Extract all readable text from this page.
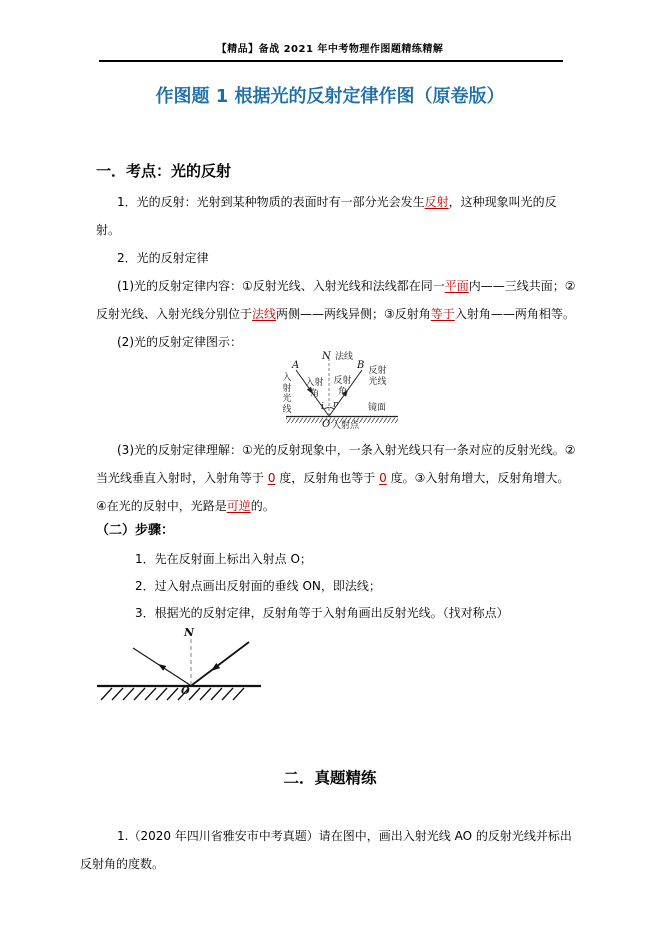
【精品】备战 2021 年中考物理作图题精练精解
作图题 1 根据光的反射定律作图（原卷版）
一．考点：光的反射

1．光的反射：光射到某种物质的表面时有一部分光会发生反射，这种现象叫光的反射。

2．光的反射定律

(1)光的反射定律内容：①反射光线、入射光线和法线都在同一平面内——三线共面；②反射光线、入射光线分别位于法线两侧——两线异侧；③反射角等于入射角——两角相等。

(2)光的反射定律图示：

N 法线
A
入射光线
B 反射光线
入射角
反射角
i r	镜面
O 入射点

(3)光的反射定律理解：①光的反射现象中，一条入射光线只有一条对应的反射光线。②当光线垂直入射时，入射角等于 0 度，反射角也等于 0 度。③入射角增大，反射角增大。④在光的反射中，光路是可逆的。

（二）步骤：
1．先在反射面上标出入射点 O；
2．过入射点画出反射面的垂线 ON，即法线；
3．根据光的反射定律，反射角等于入射角画出反射光线。（找对称点）
N
O
二．真题精练

1.（2020 年四川省雅安市中考真题）请在图中，画出入射光线 AO 的反射光线并标出反射角的度数。
